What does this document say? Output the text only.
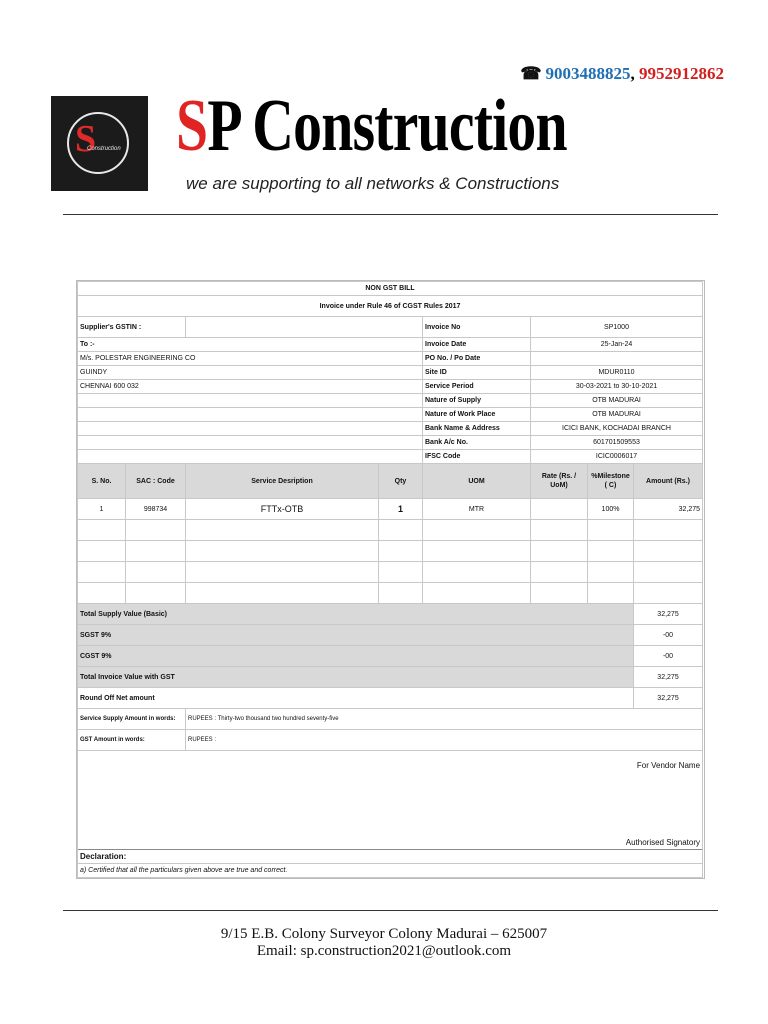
☎ 9003488825, 9952912862
S
Construction SP Construction
we are supporting to all networks & Constructions
NON GST BILL							
Invoice under Rule 46 of CGST Rules 2017							
Supplier's GSTIN :				Invoice No	SP1000		
To :-				Invoice Date	25-Jan-24		
M/s. POLESTAR ENGINEERING CO				PO No. / Po Date			
GUINDY				Site ID	MDUR0110		
CHENNAI 600 032				Service Period	30-03-2021 to 30-10-2021		
				Nature of Supply	OTB MADURAI		
				Nature of Work Place	OTB MADURAI		
				Bank Name & Address	ICICI BANK, KOCHADAI BRANCH		
				Bank A/c No.	601701509553		
				IFSC Code	ICIC0006017		
S. No.	SAC : Code	Service Desription	Qty	UOM	Rate (Rs. / UoM)	%Milestone ( C)	Amount (Rs.)
1	998734	FTTx-OTB	1	MTR		100%	32,275

Total Supply Value (Basic)							32,275
SGST 9%							-00
CGST 9%							-00
Total Invoice Value with GST							32,275
Round Off Net amount							32,275
Service Supply Amount in words:		RUPEES : Thirty-two thousand two hundred seventy-five					
GST Amount in words:		RUPEES :					

For Vendor Name
Authorised Signatory							

Declaration:							
a) Certified that all the particulars given above are true and correct.							
9/15 E.B. Colony Surveyor Colony Madurai – 625007
Email: sp.construction2021@outlook.com
